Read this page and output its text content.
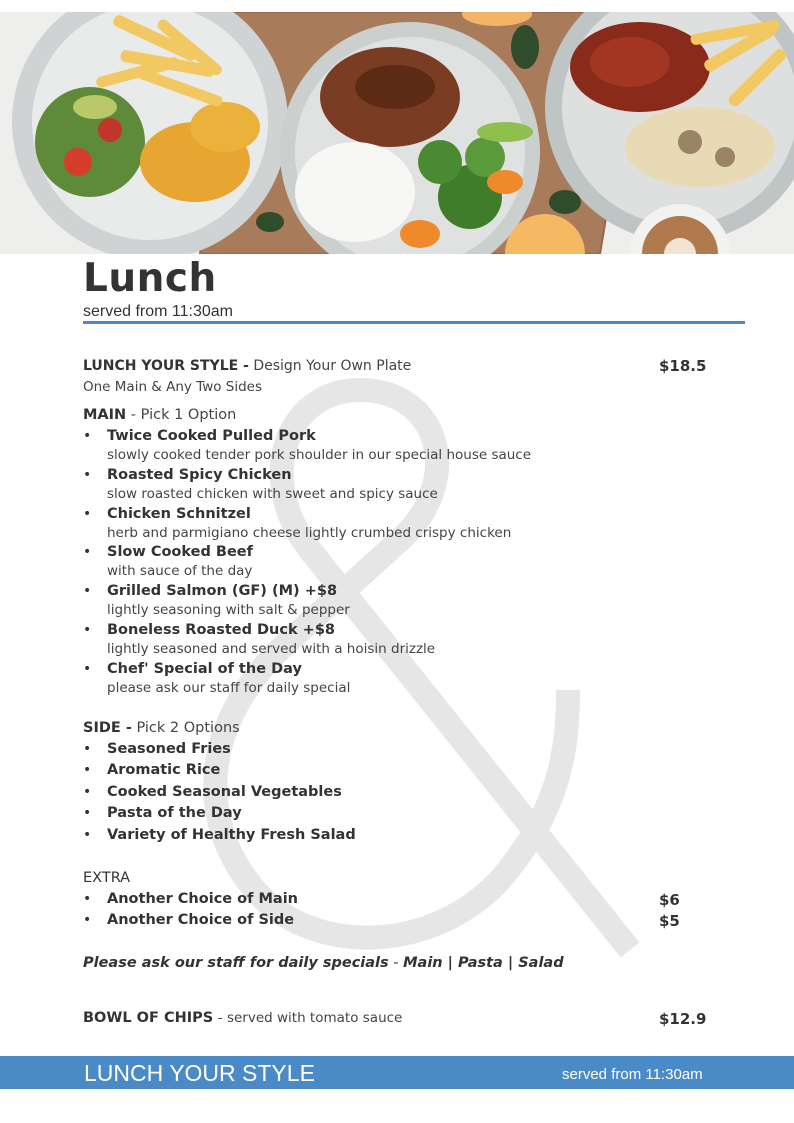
Lunch
served from 11:30am
LUNCH YOUR STYLE - Design Your Own Plate	$18.5
One Main & Any Two Sides
MAIN - Pick 1 Option
• Twice Cooked Pulled Pork
slowly cooked tender pork shoulder in our special house sauce
• Roasted Spicy Chicken
slow roasted chicken with sweet and spicy sauce
• Chicken Schnitzel
herb and parmigiano cheese lightly crumbed crispy chicken
• Slow Cooked Beef
with sauce of the day
• Grilled Salmon (GF) (M) +$8
lightly seasoning with salt & pepper
• Boneless Roasted Duck +$8
lightly seasoned and served with a hoisin drizzle
• Chef' Special of the Day
please ask our staff for daily special
SIDE - Pick 2 Options
• Seasoned Fries
• Aromatic Rice
• Cooked Seasonal Vegetables
• Pasta of the Day
• Variety of Healthy Fresh Salad
EXTRA
• Another Choice of Main	$6
• Another Choice of Side	$5
Please ask our staff for daily specials - Main | Pasta | Salad
BOWL OF CHIPS - served with tomato sauce	$12.9
LUNCH YOUR STYLE	served from 11:30am
